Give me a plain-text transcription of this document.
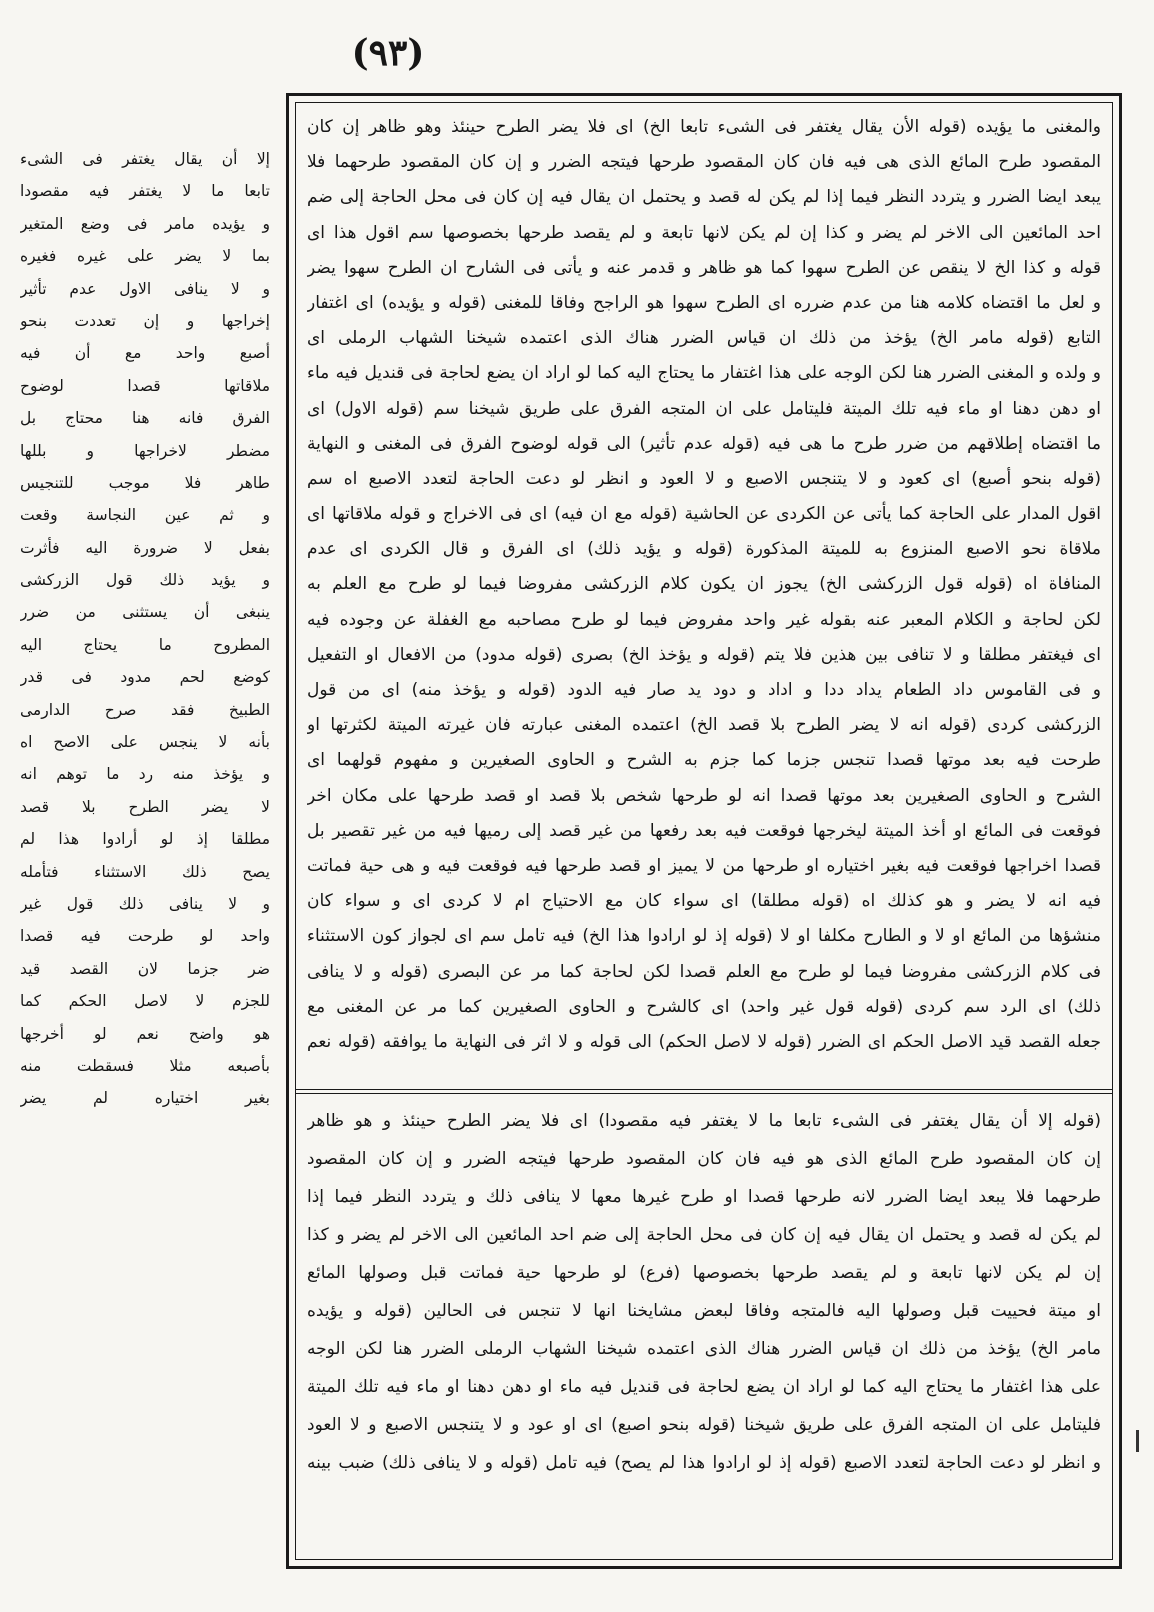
(٩٣)
والمغنی ما يؤيده (قوله الأن يقال يغتفر فی الشیء تابعا الخ) ای فلا يضر الطرح حينئذ وهو ظاهر إن كان
المقصود طرح المائع الذی هی فيه فان كان المقصود طرحها فيتجه الضرر و إن كان المقصود طرحهما فلا
يبعد ايضا الضرر و يتردد النظر فيما إذا لم يكن له قصد و يحتمل ان يقال فيه إن كان فی محل الحاجة إلی ضم
احد المائعين الی الاخر لم يضر و كذا إن لم يكن لانها تابعة و لم يقصد طرحها بخصوصها سم اقول هذا ای
قوله و كذا الخ لا ينقص عن الطرح سهوا كما هو ظاهر و قدمر عنه و يأتی فی الشارح ان الطرح سهوا يضر
و لعل ما اقتضاه كلامه هنا من عدم ضرره ای الطرح سهوا هو الراجح وفاقا للمغنی (قوله و يؤيده) ای اغتفار
التابع (قوله مامر الخ) يؤخذ من ذلك ان قياس الضرر هناك الذی اعتمده شيخنا الشهاب الرملی ای
و ولده و المغنی الضرر هنا لكن الوجه علی هذا اغتفار ما يحتاج اليه كما لو اراد ان يضع لحاجة فی قنديل فيه ماء
او دهن دهنا او ماء فيه تلك الميتة فليتامل علی ان المتجه الفرق علی طريق شيخنا سم (قوله الاول) ای
ما اقتضاه إطلاقهم من ضرر طرح ما هی فيه (قوله عدم تأثير) الی قوله لوضوح الفرق فی المغنی و النهاية
(قوله بنحو أصبع) ای كعود و لا يتنجس الاصبع و لا العود و انظر لو دعت الحاجة لتعدد الاصبع اه سم
اقول المدار علی الحاجة كما يأتی عن الكردی عن الحاشية (قوله مع ان فيه) ای فی الاخراج و قوله ملاقاتها ای
ملاقاة نحو الاصبع المنزوع به للميتة المذكورة (قوله و يؤيد ذلك) ای الفرق و قال الكردی ای عدم
المنافاة اه (قوله قول الزركشی الخ) يجوز ان يكون كلام الزركشی مفروضا فيما لو طرح مع العلم به
لكن لحاجة و الكلام المعبر عنه بقوله غير واحد مفروض فيما لو طرح مصاحبه مع الغفلة عن وجوده فيه
ای فيغتفر مطلقا و لا تنافی بين هذين فلا يتم (قوله و يؤخذ الخ) بصری (قوله مدود) من الافعال او التفعيل
و فی القاموس داد الطعام يداد ددا و اداد و دود يد صار فيه الدود (قوله و يؤخذ منه) ای من قول
الزركشی كردی (قوله انه لا يضر الطرح بلا قصد الخ) اعتمده المغنی عبارته فان غيرته الميتة لكثرتها او
طرحت فيه بعد موتها قصدا تنجس جزما كما جزم به الشرح و الحاوی الصغيرين و مفهوم قولهما ای
الشرح و الحاوی الصغيرين بعد موتها قصدا انه لو طرحها شخص بلا قصد او قصد طرحها علی مكان اخر
فوقعت فی المائع او أخذ الميتة ليخرجها فوقعت فيه بعد رفعها من غير قصد إلی رميها فيه من غير تقصير بل
قصدا اخراجها فوقعت فيه بغير اختياره او طرحها من لا يميز او قصد طرحها فيه فوقعت فيه و هی حية فماتت
فيه انه لا يضر و هو كذلك اه (قوله مطلقا) ای سواء كان مع الاحتياج ام لا كردی ای و سواء كان
منشؤها من المائع او لا و الطارح مكلفا او لا (قوله إذ لو ارادوا هذا الخ) فيه تامل سم ای لجواز كون الاستثناء
فی كلام الزركشی مفروضا فيما لو طرح مع العلم قصدا لكن لحاجة كما مر عن البصری (قوله و لا ينافی
ذلك) ای الرد سم كردی (قوله قول غير واحد) ای كالشرح و الحاوی الصغيرين كما مر عن المغنی مع
جعله القصد قيد الاصل الحكم ای الضرر (قوله لا لاصل الحكم) الی قوله و لا اثر فی النهاية ما يوافقه (قوله نعم
(قوله إلا أن يقال يغتفر فی الشیء تابعا ما لا يغتفر فيه مقصودا) ای فلا يضر الطرح حينئذ و هو ظاهر
إن كان المقصود طرح المائع الذی هو فيه فان كان المقصود طرحها فيتجه الضرر و إن كان المقصود
طرحهما فلا يبعد ايضا الضرر لانه طرحها قصدا او طرح غيرها معها لا ينافی ذلك و يتردد النظر فيما إذا
لم يكن له قصد و يحتمل ان يقال فيه إن كان فی محل الحاجة إلی ضم احد المائعين الی الاخر لم يضر و كذا
إن لم يكن لانها تابعة و لم يقصد طرحها بخصوصها (فرع) لو طرحها حية فماتت قبل وصولها المائع
او ميتة فحييت قبل وصولها اليه فالمتجه وفاقا لبعض مشايخنا انها لا تنجس فی الحالين (قوله و يؤيده
مامر الخ) يؤخذ من ذلك ان قياس الضرر هناك الذی اعتمده شيخنا الشهاب الرملی الضرر هنا لكن الوجه
علی هذا اغتفار ما يحتاج اليه كما لو اراد ان يضع لحاجة فی قنديل فيه ماء او دهن دهنا او ماء فيه تلك الميتة
فليتامل علی ان المتجه الفرق علی طريق شيخنا (قوله بنحو اصبع) ای او عود و لا يتنجس الاصبع و لا العود
و انظر لو دعت الحاجة لتعدد الاصبع (قوله إذ لو ارادوا هذا لم يصح) فيه تامل (قوله و لا ينافی ذلك) ضبب بينه
إلا أن يقال يغتفر فی الشیء
تابعا ما لا يغتفر فيه مقصودا
و يؤيده مامر فی وضع المتغير
بما لا يضر علی غيره فغيره
و لا ينافی الاول عدم تأثير
إخراجها و إن تعددت بنحو
أصبع واحد مع أن فيه
ملاقاتها قصدا لوضوح
الفرق فانه هنا محتاج بل
مضطر لاخراجها و بللها
طاهر فلا موجب للتنجيس
و ثم عين النجاسة وقعت
بفعل لا ضرورة اليه فأثرت
و يؤيد ذلك قول الزركشی
ينبغی أن يستثنی من ضرر
المطروح ما يحتاج اليه
كوضع لحم مدود فی قدر
الطبيخ فقد صرح الدارمی
بأنه لا ينجس علی الاصح اه
و يؤخذ منه رد ما توهم انه
لا يضر الطرح بلا قصد
مطلقا إذ لو أرادوا هذا لم
يصح ذلك الاستثناء فتأمله
و لا ينافی ذلك قول غير
واحد لو طرحت فيه قصدا
ضر جزما لان القصد قيد
للجزم لا لاصل الحكم كما
هو واضح نعم لو أخرجها
بأصبعه مثلا فسقطت منه
بغير اختياره لم يضر
